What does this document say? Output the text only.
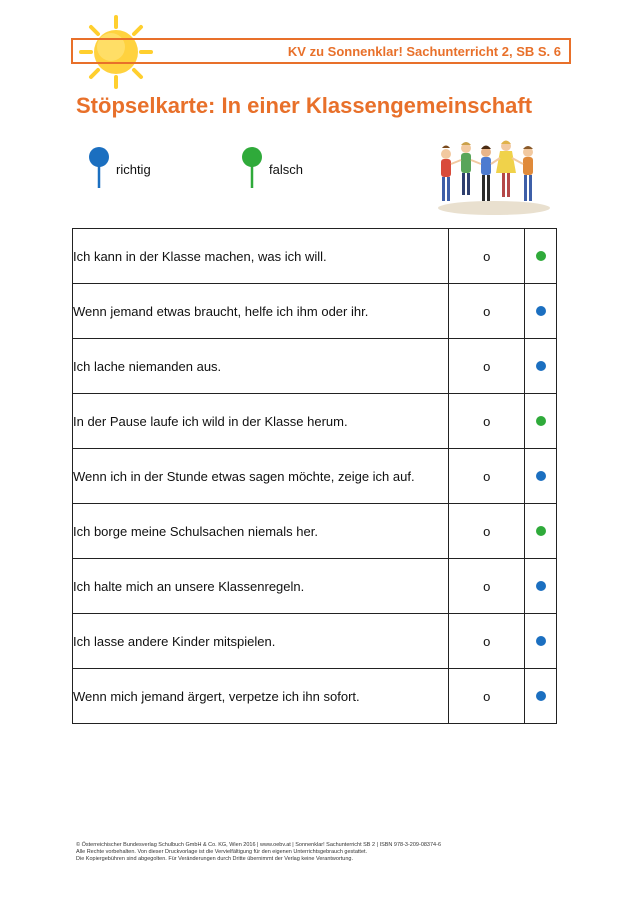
KV zu Sonnenklar! Sachunterricht 2, SB S. 6
Stöpselkarte: In einer Klassengemeinschaft
richtig	falsch
Ich kann in der Klasse machen, was ich will.	o	
Wenn jemand etwas braucht, helfe ich ihm oder ihr.	o	
Ich lache niemanden aus.	o	
In der Pause laufe ich wild in der Klasse herum.	o	
Wenn ich in der Stunde etwas sagen möchte, zeige ich auf.	o	
Ich borge meine Schulsachen niemals her.	o	
Ich halte mich an unsere Klassenregeln.	o	
Ich lasse andere Kinder mitspielen.	o	
Wenn mich jemand ärgert, verpetze ich ihn sofort.	o	
© Österreichischer Bundesverlag Schulbuch GmbH & Co. KG, Wien 2016 | www.oebv.at | Sonnenklar! Sachunterricht SB 2 | ISBN 978-3-209-08374-6
Alle Rechte vorbehalten. Von dieser Druckvorlage ist die Vervielfältigung für den eigenen Unterrichtsgebrauch gestattet.
Die Kopiergebühren sind abgegolten. Für Veränderungen durch Dritte übernimmt der Verlag keine Verantwortung.
